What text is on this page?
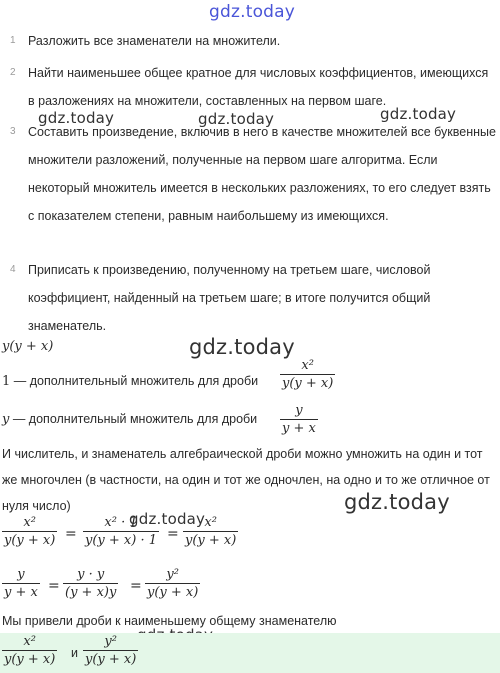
gdz.today
gdz.today	gdz.today	gdz.today
gdz.today
gdz.today
gdz.today
1 Разложить все знаменатели на множители.
2 Найти наименьшее общее кратное для числовых коэффициентов, имеющихся в разложениях на множители, составленных на первом шаге.
3 Составить произведение, включив в него в качестве множителей все буквенные множители разложений, полученные на первом шаге алгоритма. Если некоторый множитель имеется в нескольких разложениях, то его следует взять с показателем степени, равным наибольшему из имеющихся.
4 Приписать к произведению, полученному на третьем шаге, числовой коэффициент, найденный на третьем шаге; в итоге получится общий знаменатель.
y(y + x)
1 — дополнительный множитель для дроби
x²
y(y + x)
y — дополнительный множитель для дроби
y
y + x
И числитель, и знаменатель алгебраической дроби можно умножить на один и тот же многочлен (в частности, на один и тот же одночлен, на одно и то же отличное от нуля число)
x²
y(y + x) =
x² · 1
y(y + x) · 1 =
x²
y(y + x)
y
y + x =
y · y
(y + x)y =
y²
y(y + x)
Мы привели дроби к наименьшему общему знаменателю
x²
y(y + x) и
y²
y(y + x)
